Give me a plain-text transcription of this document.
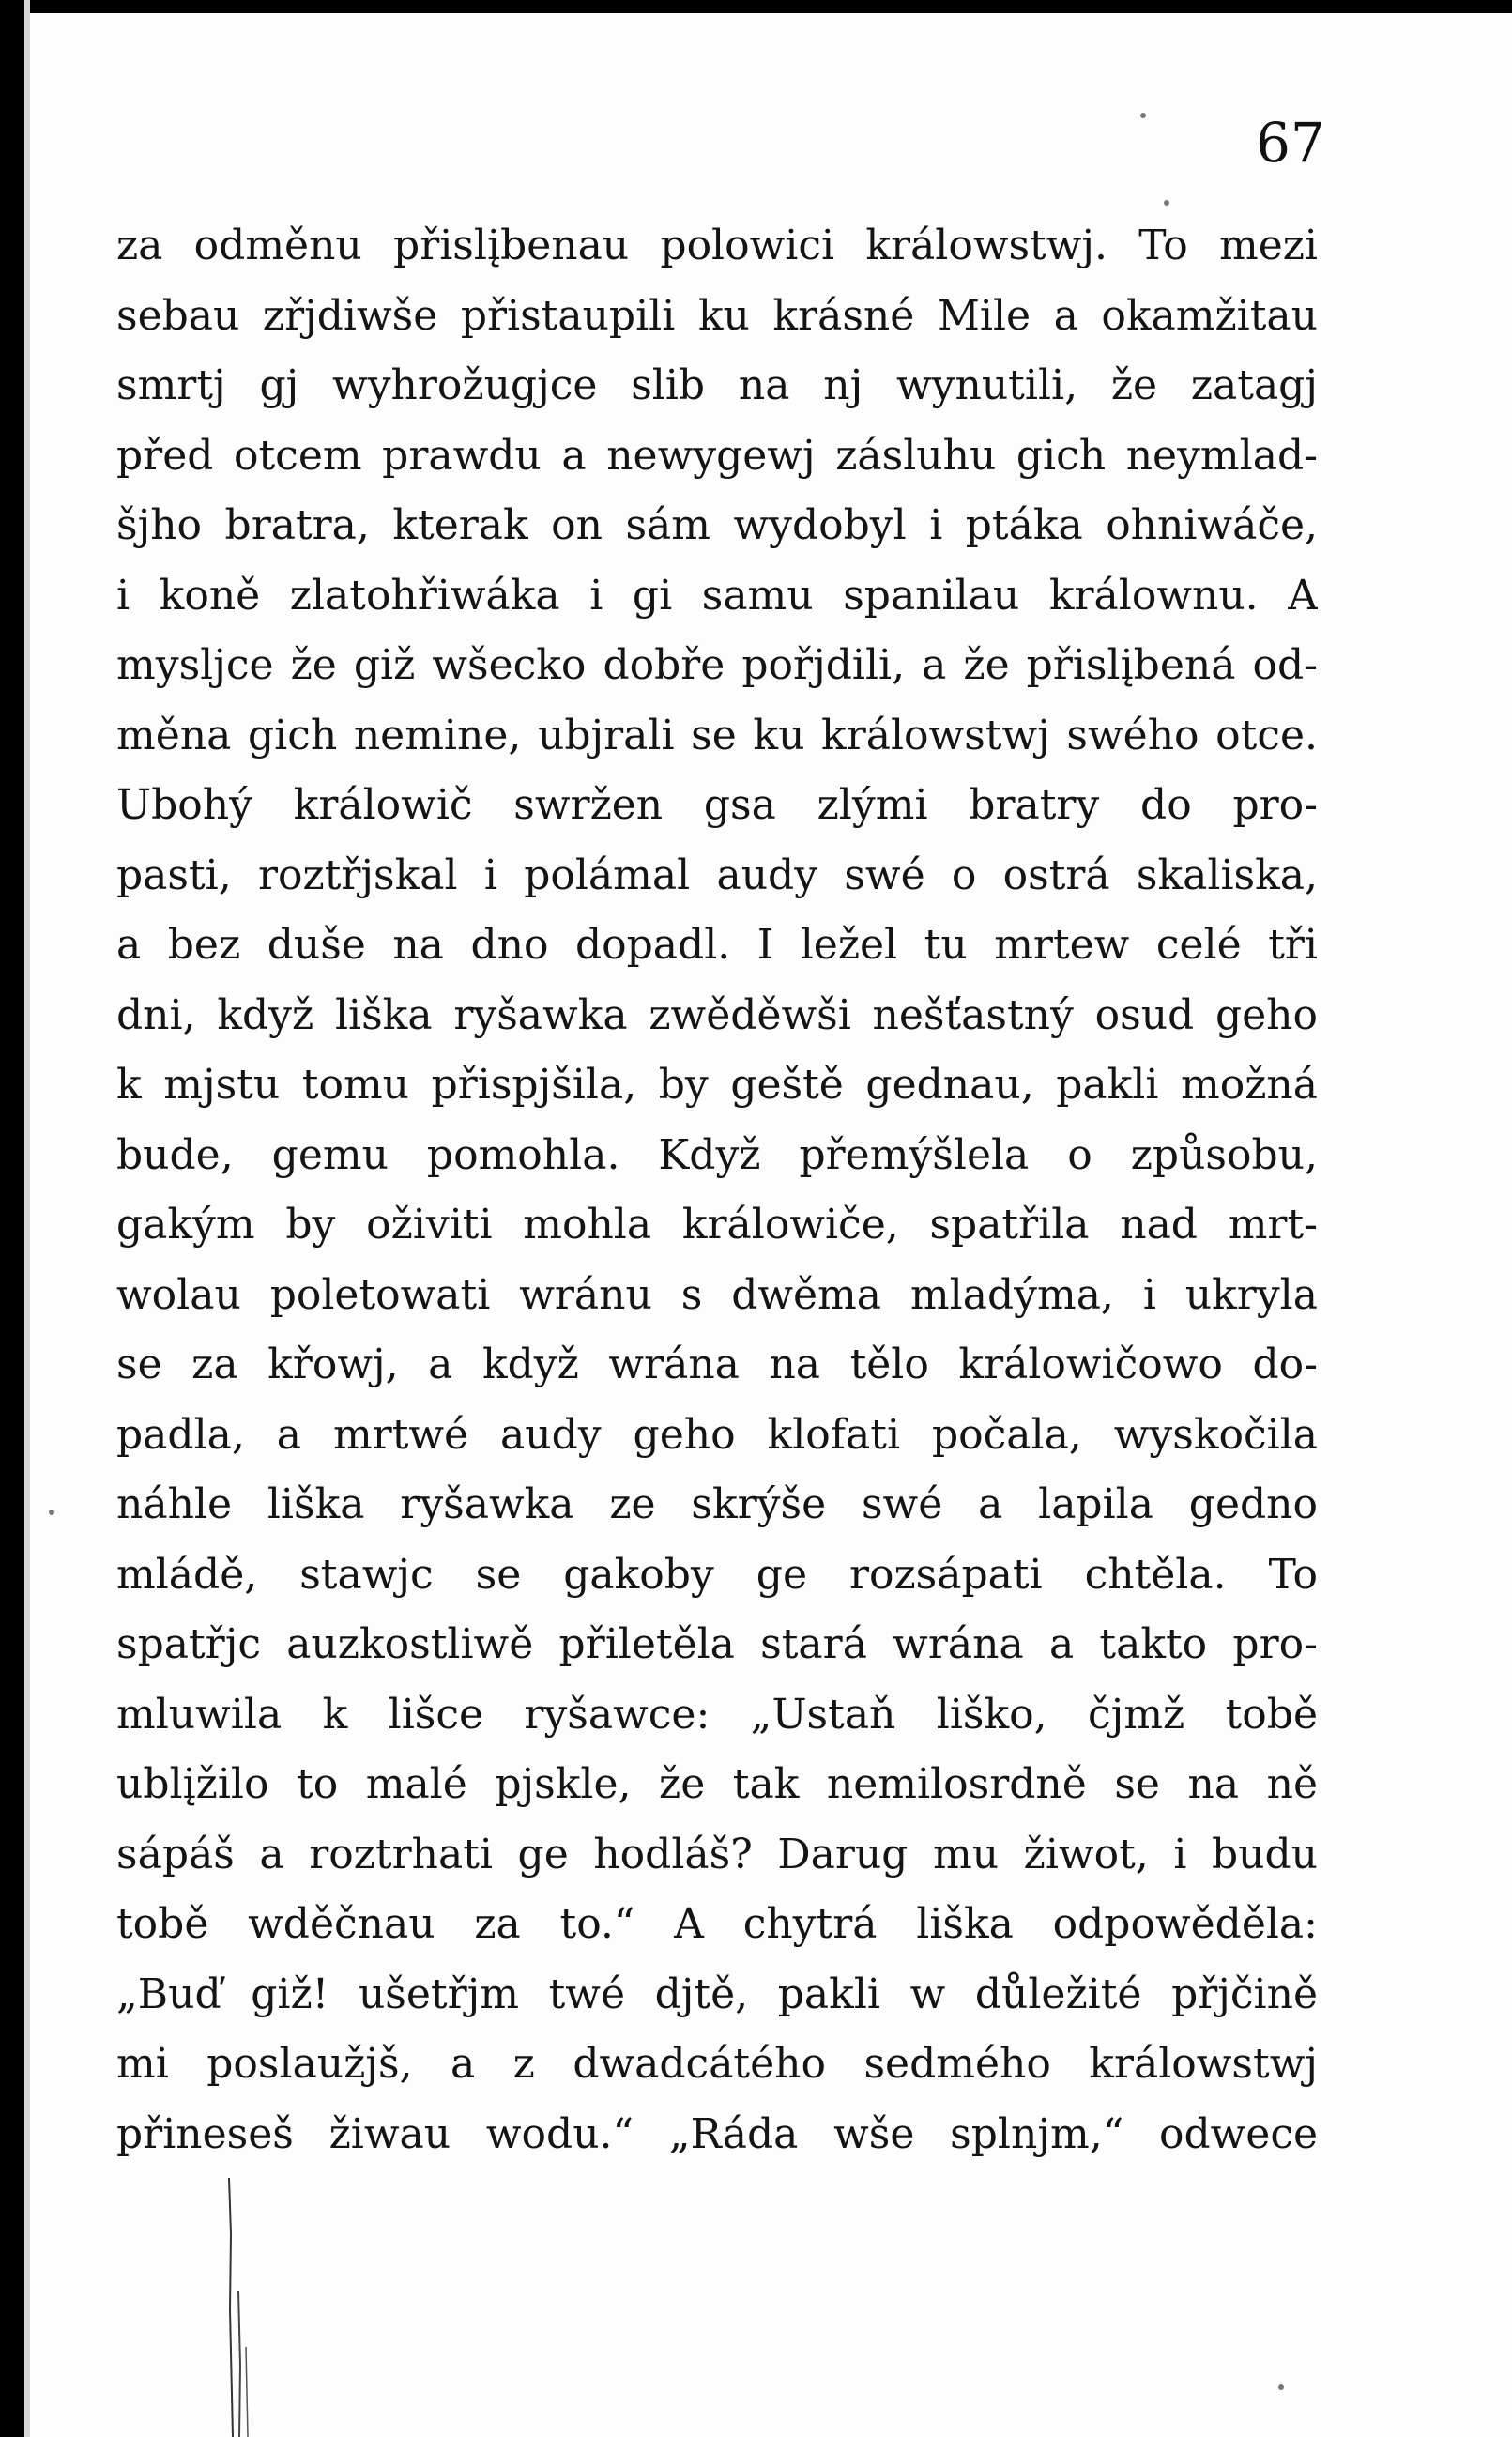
67
za odměnu přislįbenau polowici králowstwj. To mezi
sebau zřjdiwše přistaupili ku krásné Mile a okamžitau
smrtj gj wyhrožugjce slib na nj wynutili, že zatagj
před otcem prawdu a newygewj zásluhu gich neymlad-
šjho bratra, kterak on sám wydobyl i ptáka ohniwáče,
i koně zlatohřiwáka i gi samu spanilau králownu. A
mysljce že giž wšecko dobře pořjdili, a že přislįbená od-
měna gich nemine, ubjrali se ku králowstwj swého otce.
Ubohý králowič swržen gsa zlými bratry do pro-
pasti, roztřjskal i polámal audy swé o ostrá skaliska,
a bez duše na dno dopadl. I ležel tu mrtew celé tři
dni, když liška ryšawka zwěděwši nešťastný osud geho
k mjstu tomu přispjšila, by geště gednau, pakli možná
bude, gemu pomohla. Když přemýšlela o způsobu,
gakým by oživiti mohla králowiče, spatřila nad mrt-
wolau poletowati wránu s dwěma mladýma, i ukryla
se za křowj, a když wrána na tělo králowičowo do-
padla, a mrtwé audy geho klofati počala, wyskočila
náhle liška ryšawka ze skrýše swé a lapila gedno
mládě, stawjc se gakoby ge rozsápati chtěla. To
spatřjc auzkostliwě přiletěla stará wrána a takto pro-
mluwila k lišce ryšawce: „Ustaň liško, čjmž tobě
ublįžilo to malé pjskle, že tak nemilosrdně se na ně
sápáš a roztrhati ge hodláš? Darug mu žiwot, i budu
tobě wděčnau za to.“ A chytrá liška odpowěděla:
„Buď giž! ušetřjm twé djtě, pakli w důležité přjčině
mi poslaužjš, a z dwadcátého sedmého králowstwj
přineseš žiwau wodu.“ „Ráda wše splnjm,“ odwece
